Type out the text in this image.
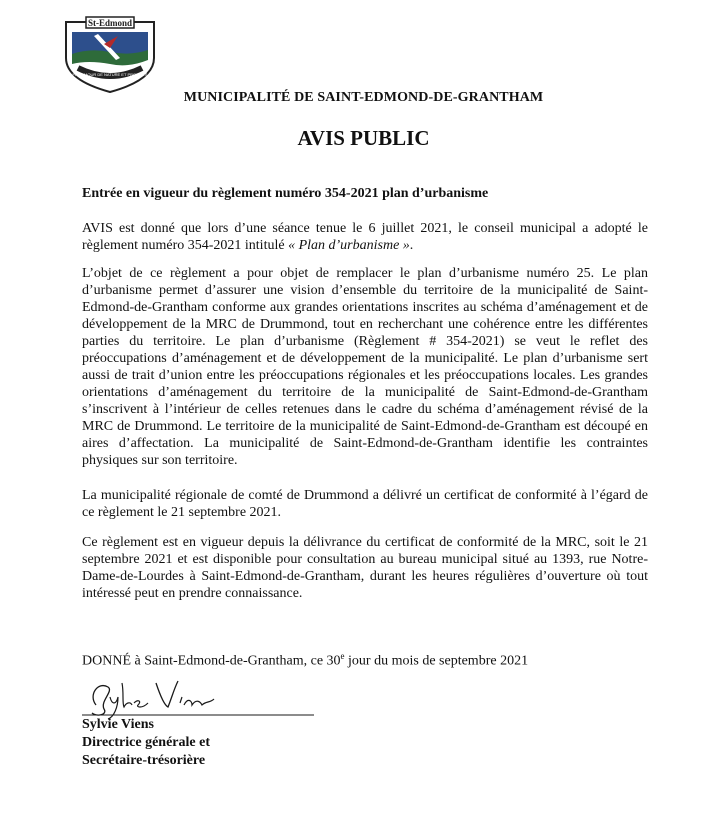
St-Edmond
PAR AMOUR DE NATURE ET PROGRÈS
MUNICIPALITÉ DE SAINT-EDMOND-DE-GRANTHAM
AVIS PUBLIC
Entrée en vigueur du règlement numéro 354-2021 plan d’urbanisme

AVIS est donné que lors d’une séance tenue le 6 juillet 2021, le conseil municipal a adopté le règlement numéro 354-2021 intitulé « Plan d’urbanisme ».

L’objet de ce règlement a pour objet de remplacer le plan d’urbanisme numéro 25. Le plan d’urbanisme permet d’assurer une vision d’ensemble du territoire de la municipalité de Saint-Edmond-de-Grantham conforme aux grandes orientations inscrites au schéma d’aménagement et de développement de la MRC de Drummond, tout en recherchant une cohérence entre les différentes parties du territoire. Le plan d’urbanisme (Règlement # 354-2021) se veut le reflet des préoccupations d’aménagement et de développement de la municipalité. Le plan d’urbanisme sert aussi de trait d’union entre les préoccupations régionales et les préoccupations locales. Les grandes orientations d’aménagement du territoire de la municipalité de Saint-Edmond-de-Grantham s’inscrivent à l’intérieur de celles retenues dans le cadre du schéma d’aménagement révisé de la MRC de Drummond. Le territoire de la municipalité de Saint-Edmond-de-Grantham est découpé en aires d’affectation. La municipalité de Saint-Edmond-de-Grantham identifie les contraintes physiques sur son territoire.

La municipalité régionale de comté de Drummond a délivré un certificat de conformité à l’égard de ce règlement le 21 septembre 2021.

Ce règlement est en vigueur depuis la délivrance du certificat de conformité de la MRC, soit le 21 septembre 2021 et est disponible pour consultation au bureau municipal situé au 1393, rue Notre-Dame-de-Lourdes à Saint-Edmond-de-Grantham, durant les heures régulières d’ouverture où tout intéressé peut en prendre connaissance.

DONNÉ à Saint-Edmond-de-Grantham, ce 30e jour du mois de septembre 2021
Sylvie Viens
Directrice générale et
Secrétaire-trésorière
